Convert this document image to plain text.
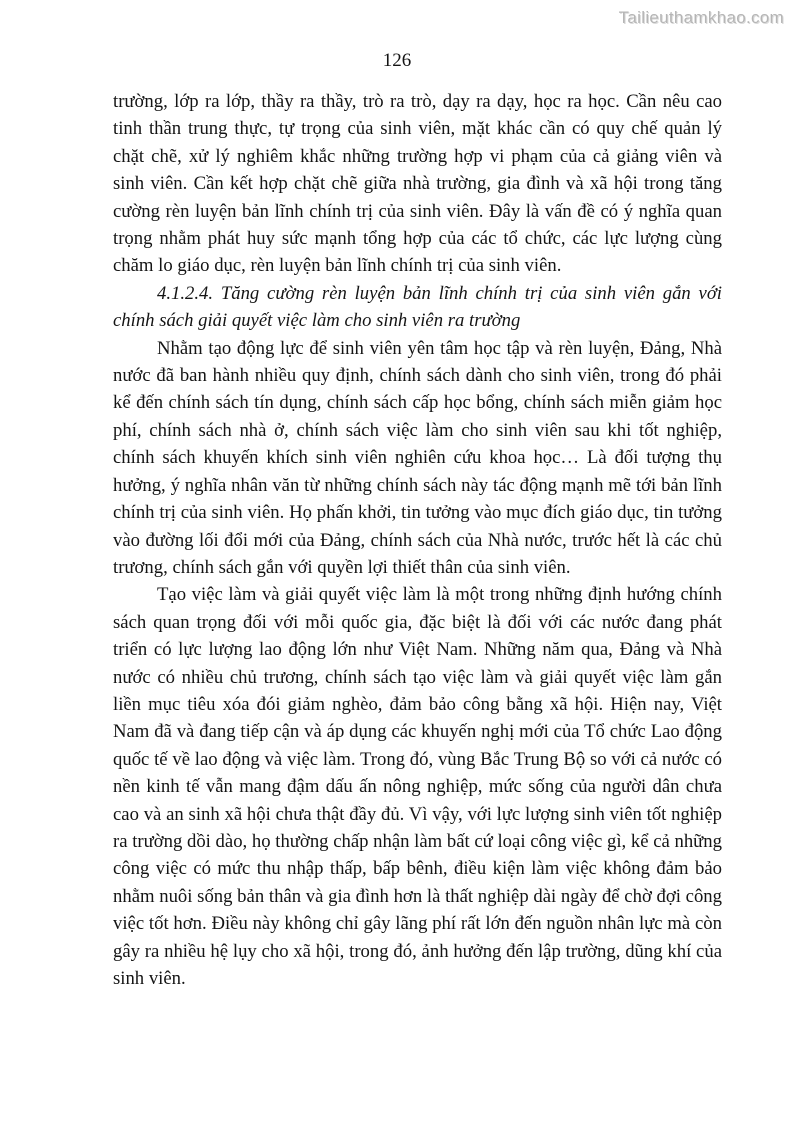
Tailieuthamkhao.com
126

trường, lớp ra lớp, thầy ra thầy, trò ra trò, dạy ra dạy, học ra học. Cần nêu cao tinh thần trung thực, tự trọng của sinh viên, mặt khác cần có quy chế quản lý chặt chẽ, xử lý nghiêm khắc những trường hợp vi phạm của cả giảng viên và sinh viên. Cần kết hợp chặt chẽ giữa nhà trường, gia đình và xã hội trong tăng cường rèn luyện bản lĩnh chính trị của sinh viên. Đây là vấn đề có ý nghĩa quan trọng nhằm phát huy sức mạnh tổng hợp của các tổ chức, các lực lượng cùng chăm lo giáo dục, rèn luyện bản lĩnh chính trị của sinh viên.

4.1.2.4. Tăng cường rèn luyện bản lĩnh chính trị của sinh viên gắn với chính sách giải quyết việc làm cho sinh viên ra trường

Nhằm tạo động lực để sinh viên yên tâm học tập và rèn luyện, Đảng, Nhà nước đã ban hành nhiều quy định, chính sách dành cho sinh viên, trong đó phải kể đến chính sách tín dụng, chính sách cấp học bổng, chính sách miễn giảm học phí, chính sách nhà ở, chính sách việc làm cho sinh viên sau khi tốt nghiệp, chính sách khuyến khích sinh viên nghiên cứu khoa học… Là đối tượng thụ hưởng, ý nghĩa nhân văn từ những chính sách này tác động mạnh mẽ tới bản lĩnh chính trị của sinh viên. Họ phấn khởi, tin tưởng vào mục đích giáo dục, tin tưởng vào đường lối đổi mới của Đảng, chính sách của Nhà nước, trước hết là các chủ trương, chính sách gắn với quyền lợi thiết thân của sinh viên.

Tạo việc làm và giải quyết việc làm là một trong những định hướng chính sách quan trọng đối với mỗi quốc gia, đặc biệt là đối với các nước đang phát triển có lực lượng lao động lớn như Việt Nam. Những năm qua, Đảng và Nhà nước có nhiều chủ trương, chính sách tạo việc làm và giải quyết việc làm gắn liền mục tiêu xóa đói giảm nghèo, đảm bảo công bằng xã hội. Hiện nay, Việt Nam đã và đang tiếp cận và áp dụng các khuyến nghị mới của Tổ chức Lao động quốc tế về lao động và việc làm. Trong đó, vùng Bắc Trung Bộ so với cả nước có nền kinh tế vẫn mang đậm dấu ấn nông nghiệp, mức sống của người dân chưa cao và an sinh xã hội chưa thật đầy đủ. Vì vậy, với lực lượng sinh viên tốt nghiệp ra trường dồi dào, họ thường chấp nhận làm bất cứ loại công việc gì, kể cả những công việc có mức thu nhập thấp, bấp bênh, điều kiện làm việc không đảm bảo nhằm nuôi sống bản thân và gia đình hơn là thất nghiệp dài ngày để chờ đợi công việc tốt hơn. Điều này không chỉ gây lãng phí rất lớn đến nguồn nhân lực mà còn gây ra nhiều hệ lụy cho xã hội, trong đó, ảnh hưởng đến lập trường, dũng khí của sinh viên.
